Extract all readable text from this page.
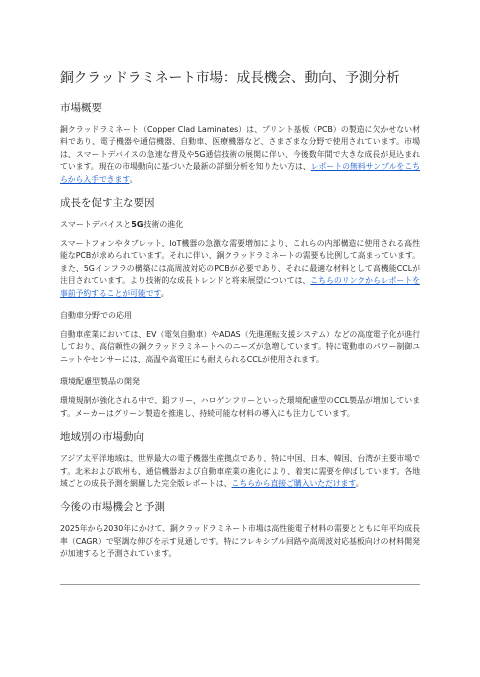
銅クラッドラミネート市場：成長機会、動向、予測分析
市場概要

銅クラッドラミネート（Copper Clad Laminates）は、プリント基板（PCB）の製造に欠かせない材料であり、電子機器や通信機器、自動車、医療機器など、さまざまな分野で使用されています。市場は、スマートデバイスの急速な普及や5G通信技術の展開に伴い、今後数年間で大きな成長が見込まれています。現在の市場動向に基づいた最新の詳細分析を知りたい方は、レポートの無料サンプルをこちらから入手できます。

成長を促す主な要因
スマートデバイスと5G技術の進化

スマートフォンやタブレット、IoT機器の急激な需要増加により、これらの内部構造に使用される高性能なPCBが求められています。それに伴い、銅クラッドラミネートの需要も比例して高まっています。また、5Gインフラの構築には高周波対応のPCBが必要であり、それに最適な材料として高機能CCLが注目されています。より技術的な成長トレンドと将来展望については、こちらのリンクからレポートを事前予約することが可能です。

自動車分野での応用

自動車産業においては、EV（電気自動車）やADAS（先進運転支援システム）などの高度電子化が進行しており、高信頼性の銅クラッドラミネートへのニーズが急増しています。特に電動車のパワー制御ユニットやセンサーには、高温や高電圧にも耐えられるCCLが使用されます。

環境配慮型製品の開発

環境規制が強化される中で、鉛フリー、ハロゲンフリーといった環境配慮型のCCL製品が増加しています。メーカーはグリーン製造を推進し、持続可能な材料の導入にも注力しています。

地域別の市場動向

アジア太平洋地域は、世界最大の電子機器生産拠点であり、特に中国、日本、韓国、台湾が主要市場です。北米および欧州も、通信機器および自動車産業の進化により、着実に需要を伸ばしています。各地域ごとの成長予測を網羅した完全版レポートは、こちらから直接ご購入いただけます。

今後の市場機会と予測

2025年から2030年にかけて、銅クラッドラミネート市場は高性能電子材料の需要とともに年平均成長率（CAGR）で堅調な伸びを示す見通しです。特にフレキシブル回路や高周波対応基板向けの材料開発が加速すると予測されています。
